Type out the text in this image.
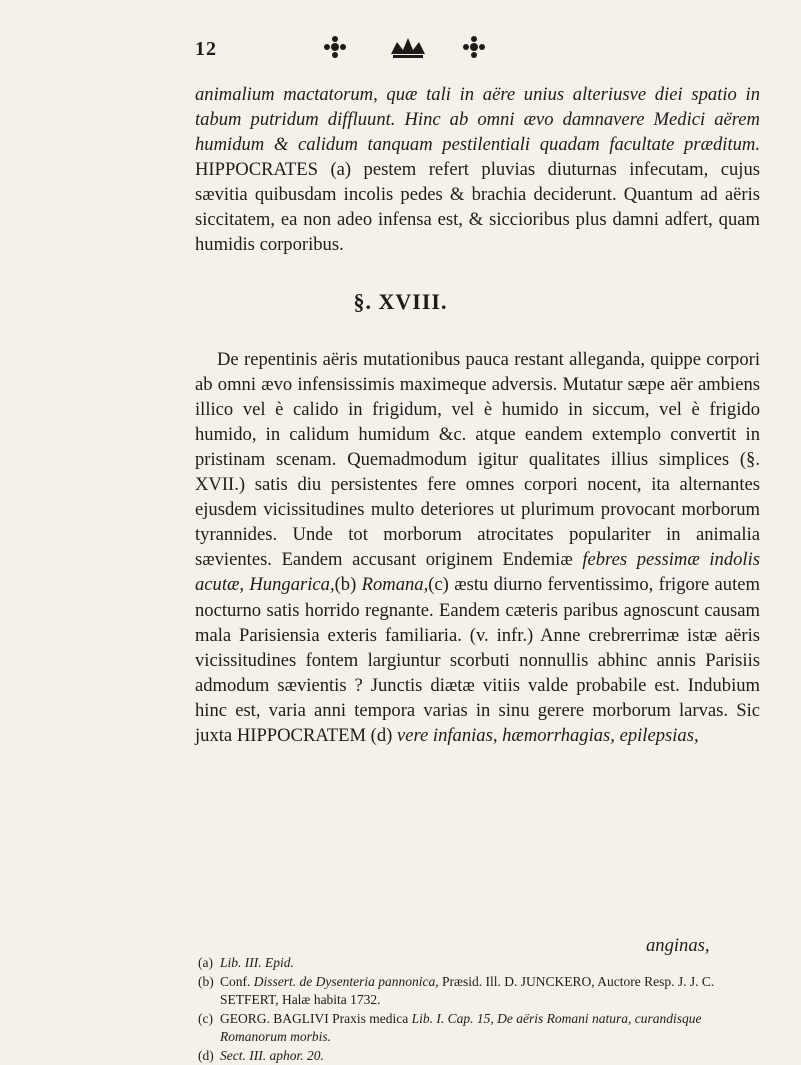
12

animalium mactatorum, quæ tali in aëre unius alteriusve diei spatio in tabum putridum diffluunt. Hinc ab omni ævo damnavere Medici aërem humidum & calidum tanquam pestilentiali quadam facultate præditum. HIPPOCRATES (a) pestem refert pluvias diuturnas infecutam, cujus sævitia quibusdam incolis pedes & brachia deciderunt. Quantum ad aëris siccitatem, ea non adeo infensa est, & siccioribus plus damni adfert, quam humidis corporibus.

§. XVIII.

De repentinis aëris mutationibus pauca restant alleganda, quippe corpori ab omni ævo infensissimis maximeque adversis. Mutatur sæpe aër ambiens illico vel è calido in frigidum, vel è humido in siccum, vel è frigido humido, in calidum humidum &c. atque eandem extemplo convertit in pristinam scenam. Quemadmodum igitur qualitates illius simplices (§. XVII.) satis diu persistentes fere omnes corpori nocent, ita alternantes ejusdem vicissitudines multo deteriores ut plurimum provocant morborum tyrannides. Unde tot morborum atrocitates populariter in animalia sævientes. Eandem accusant originem Endemiæ febres pessimæ indolis acutæ, Hungarica,(b) Romana,(c) æstu diurno ferventissimo, frigore autem nocturno satis horrido regnante. Eandem cæteris paribus agnoscunt causam mala Parisiensia exteris familiaria. (v. infr.) Anne crebrerrimæ istæ aëris vicissitudines fontem largiuntur scorbuti nonnullis abhinc annis Parisiis admodum sævientis ? Junctis diætæ vitiis valde probabile est. Indubium hinc est, varia anni tempora varias in sinu gerere morborum larvas. Sic juxta HIPPOCRATEM (d) vere infanias, hæmorrhagias, epilepsias,

anginas,

(a) Lib. III. Epid.

(b) Conf. Dissert. de Dysenteria pannonica, Præsid. Ill. D. JUNCKERO, Auctore Resp. J. J. C. SETFERT, Halæ habita 1732.

(c) GEORG. BAGLIVI Praxis medica Lib. I. Cap. 15, De aëris Romani natura, curandisque Romanorum morbis.

(d) Sect. III. aphor. 20.
